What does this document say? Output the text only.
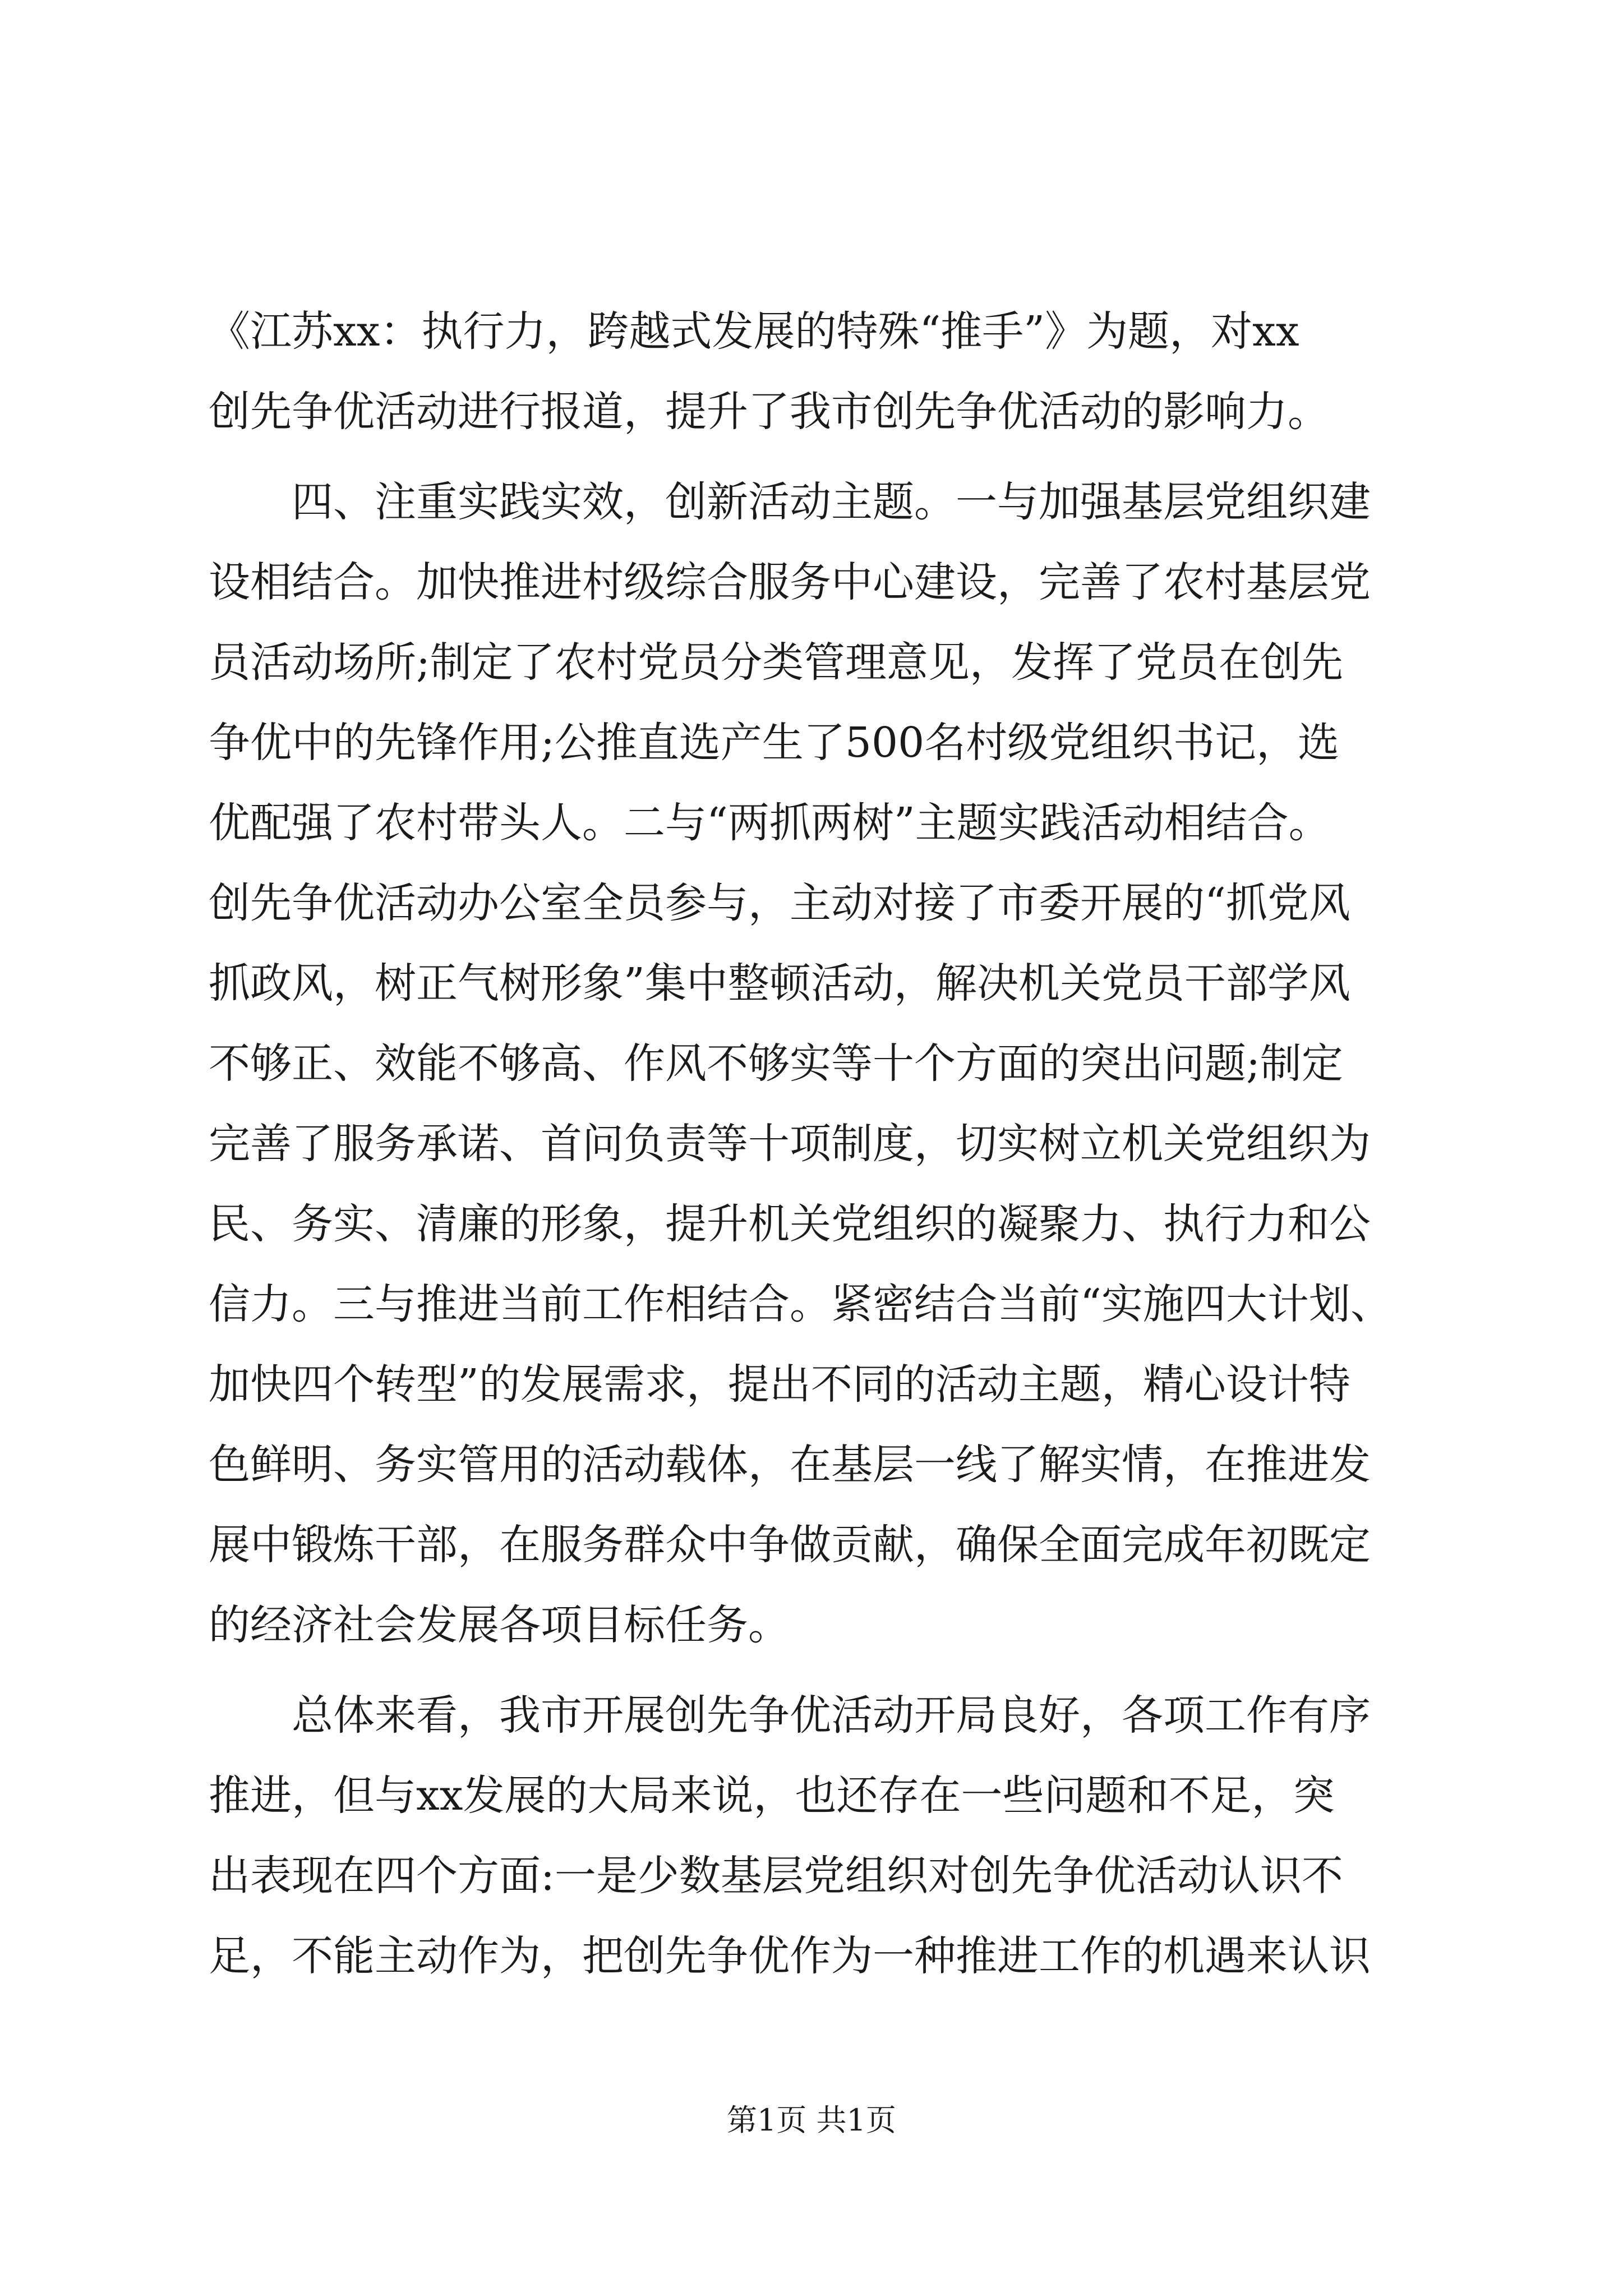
《江苏xx：执行力，跨越式发展的特殊“推手”》为题，对xx
创先争优活动进行报道，提升了我市创先争优活动的影响力。
　　四、注重实践实效，创新活动主题。一与加强基层党组织建
设相结合。加快推进村级综合服务中心建设，完善了农村基层党
员活动场所;制定了农村党员分类管理意见，发挥了党员在创先
争优中的先锋作用;公推直选产生了500名村级党组织书记，选
优配强了农村带头人。二与“两抓两树”主题实践活动相结合。
创先争优活动办公室全员参与，主动对接了市委开展的“抓党风
抓政风，树正气树形象”集中整顿活动，解决机关党员干部学风
不够正、效能不够高、作风不够实等十个方面的突出问题;制定
完善了服务承诺、首问负责等十项制度，切实树立机关党组织为
民、务实、清廉的形象，提升机关党组织的凝聚力、执行力和公
信力。三与推进当前工作相结合。紧密结合当前“实施四大计划、
加快四个转型”的发展需求，提出不同的活动主题，精心设计特
色鲜明、务实管用的活动载体，在基层一线了解实情，在推进发
展中锻炼干部，在服务群众中争做贡献，确保全面完成年初既定
的经济社会发展各项目标任务。
　　总体来看，我市开展创先争优活动开局良好，各项工作有序
推进，但与xx发展的大局来说，也还存在一些问题和不足，突
出表现在四个方面:一是少数基层党组织对创先争优活动认识不
足，不能主动作为，把创先争优作为一种推进工作的机遇来认识
第1页 共1页
